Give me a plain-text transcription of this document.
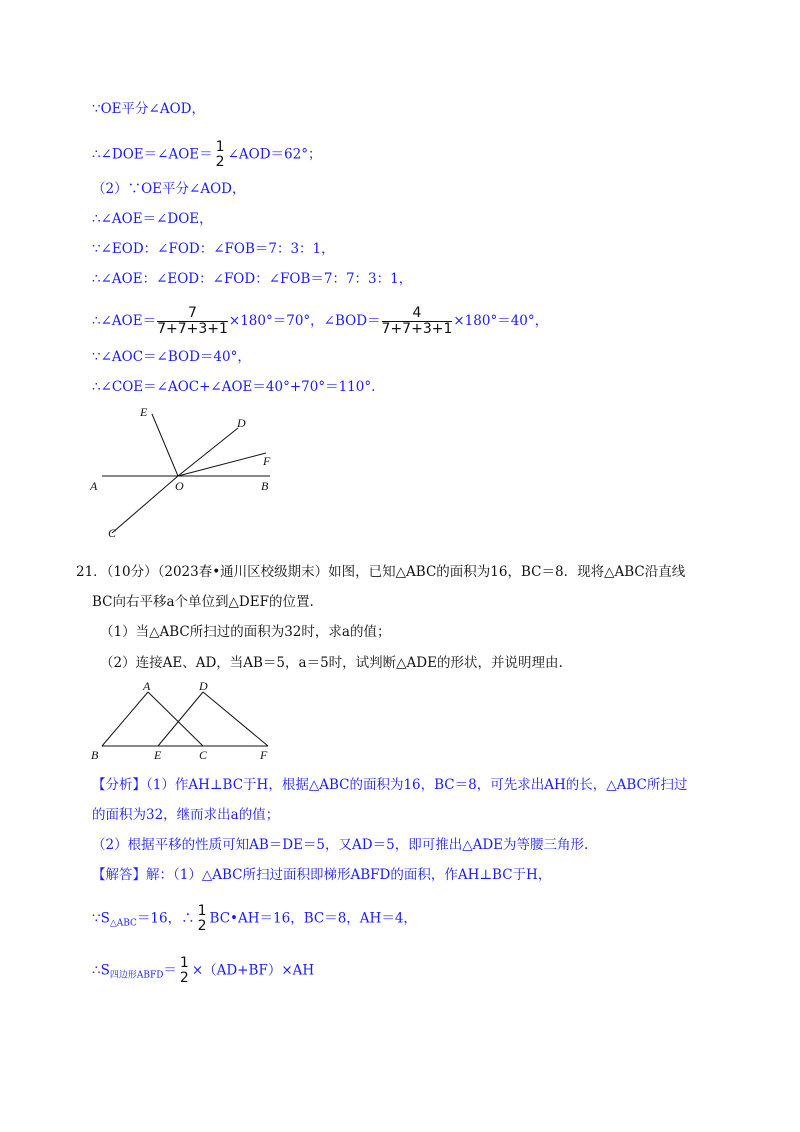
∵OE平分∠AOD，
∴∠DOE＝∠AOE＝ 1
2 ∠AOD＝62°；
（2）∵OE平分∠AOD，
∴∠AOE＝∠DOE，
∵∠EOD：∠FOD：∠FOB＝7：3：1，
∴∠AOE：∠EOD：∠FOD：∠FOB＝7：7：3：1，
∴∠AOE＝ $\frac{7}{7+7+3+1} \times 180^\circ=70^\circ$，∠BOD＝ $\frac{4}{7+7+3+1} \times 180^\circ=40^\circ$，
∵∠AOC＝∠BOD＝40°，
∴∠COE＝∠AOC+∠AOE＝40°+70°＝110°.
E
D
F
A	O	B
C
21．（10分）（2023春•通川区校级期末）如图，已知△ABC的面积为16，BC＝8．现将△ABC沿直线
BC向右平移a个单位到△DEF的位置.
（1）当△ABC所扫过的面积为32时，求a的值；
（2）连接AE、AD，当AB＝5，a＝5时，试判断△ADE的形状，并说明理由.
A	D
B	E	C	F
【分析】（1）作AH⊥BC于H，根据△ABC的面积为16，BC＝8，可先求出AH的长，△ABC所扫过
的面积为32，继而求出a的值；
（2）根据平移的性质可知AB＝DE＝5，又AD＝5，即可推出△ADE为等腰三角形.
【解答】解：（1）△ABC所扫过面积即梯形ABFD的面积，作AH⊥BC于H，
$\because S_{\triangle ABC}=16$，∴ 1
2 BC•AH＝16，BC＝8，AH＝4，
$\therefore S_{四边形ABFD}= 1$
2 ×（AD+BF）×AH
